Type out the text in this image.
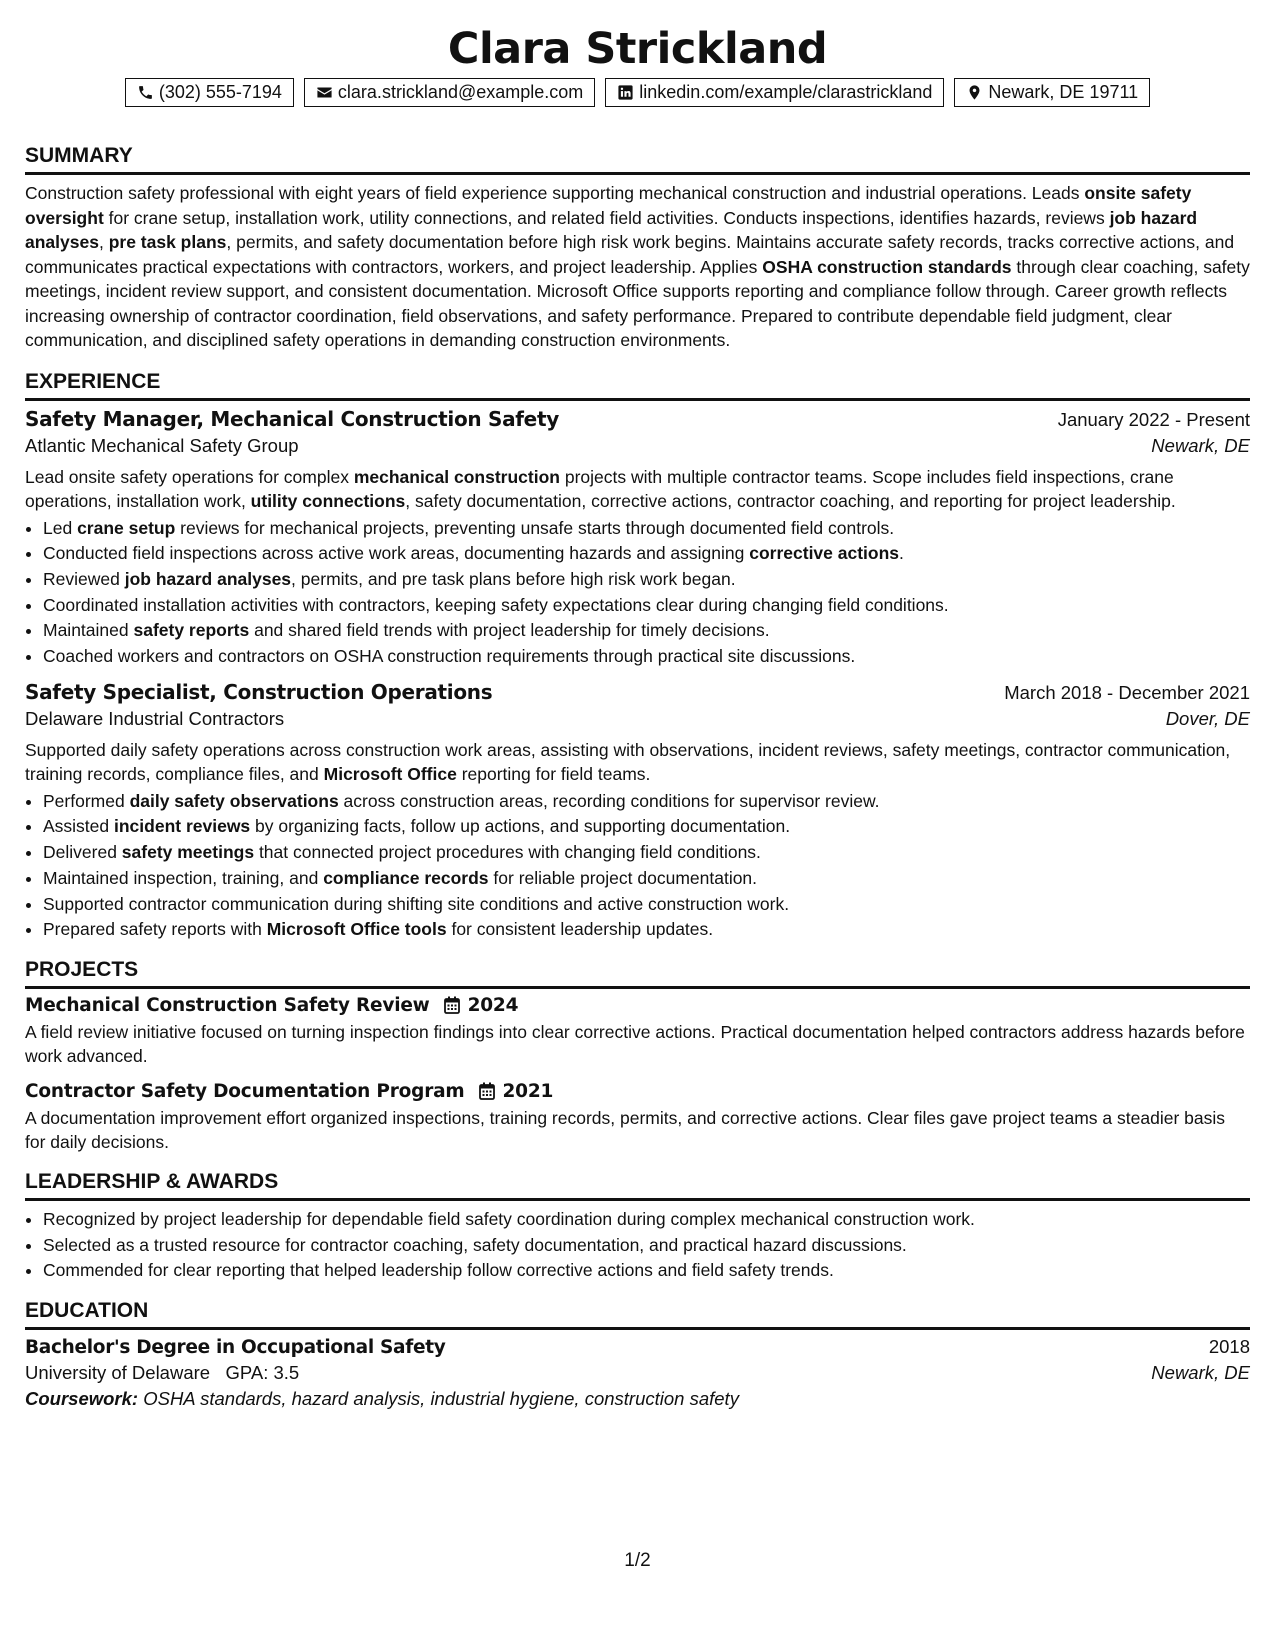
Clara Strickland
(302) 555-7194	clara.strickland@example.com	linkedin.com/example/clarastrickland	Newark, DE 19711
SUMMARY

Construction safety professional with eight years of field experience supporting mechanical construction and industrial operations. Leads onsite safety oversight for crane setup, installation work, utility connections, and related field activities. Conducts inspections, identifies hazards, reviews job hazard analyses, pre task plans, permits, and safety documentation before high risk work begins. Maintains accurate safety records, tracks corrective actions, and communicates practical expectations with contractors, workers, and project leadership. Applies OSHA construction standards through clear coaching, safety meetings, incident review support, and consistent documentation. Microsoft Office supports reporting and compliance follow through. Career growth reflects increasing ownership of contractor coordination, field observations, and safety performance. Prepared to contribute dependable field judgment, clear communication, and disciplined safety operations in demanding construction environments.

EXPERIENCE
Safety Manager, Mechanical Construction Safety	January 2022 - Present
Atlantic Mechanical Safety Group	Newark, DE

Lead onsite safety operations for complex mechanical construction projects with multiple contractor teams. Scope includes field inspections, crane operations, installation work, utility connections, safety documentation, corrective actions, contractor coaching, and reporting for project leadership.

• Led crane setup reviews for mechanical projects, preventing unsafe starts through documented field controls.
• Conducted field inspections across active work areas, documenting hazards and assigning corrective actions.
• Reviewed job hazard analyses, permits, and pre task plans before high risk work began.
• Coordinated installation activities with contractors, keeping safety expectations clear during changing field conditions.
• Maintained safety reports and shared field trends with project leadership for timely decisions.
• Coached workers and contractors on OSHA construction requirements through practical site discussions.
Safety Specialist, Construction Operations	March 2018 - December 2021
Delaware Industrial Contractors	Dover, DE

Supported daily safety operations across construction work areas, assisting with observations, incident reviews, safety meetings, contractor communication, training records, compliance files, and Microsoft Office reporting for field teams.

• Performed daily safety observations across construction areas, recording conditions for supervisor review.
• Assisted incident reviews by organizing facts, follow up actions, and supporting documentation.
• Delivered safety meetings that connected project procedures with changing field conditions.
• Maintained inspection, training, and compliance records for reliable project documentation.
• Supported contractor communication during shifting site conditions and active construction work.
• Prepared safety reports with Microsoft Office tools for consistent leadership updates.
PROJECTS
Mechanical Construction Safety Review 2024

A field review initiative focused on turning inspection findings into clear corrective actions. Practical documentation helped contractors address hazards before work advanced.

Contractor Safety Documentation Program 2021

A documentation improvement effort organized inspections, training records, permits, and corrective actions. Clear files gave project teams a steadier basis for daily decisions.

LEADERSHIP & AWARDS
• Recognized by project leadership for dependable field safety coordination during complex mechanical construction work.
• Selected as a trusted resource for contractor coaching, safety documentation, and practical hazard discussions.
• Commended for clear reporting that helped leadership follow corrective actions and field safety trends.
EDUCATION
Bachelor's Degree in Occupational Safety	2018
University of Delaware GPA: 3.5	Newark, DE
Coursework: OSHA standards, hazard analysis, industrial hygiene, construction safety
1/2
